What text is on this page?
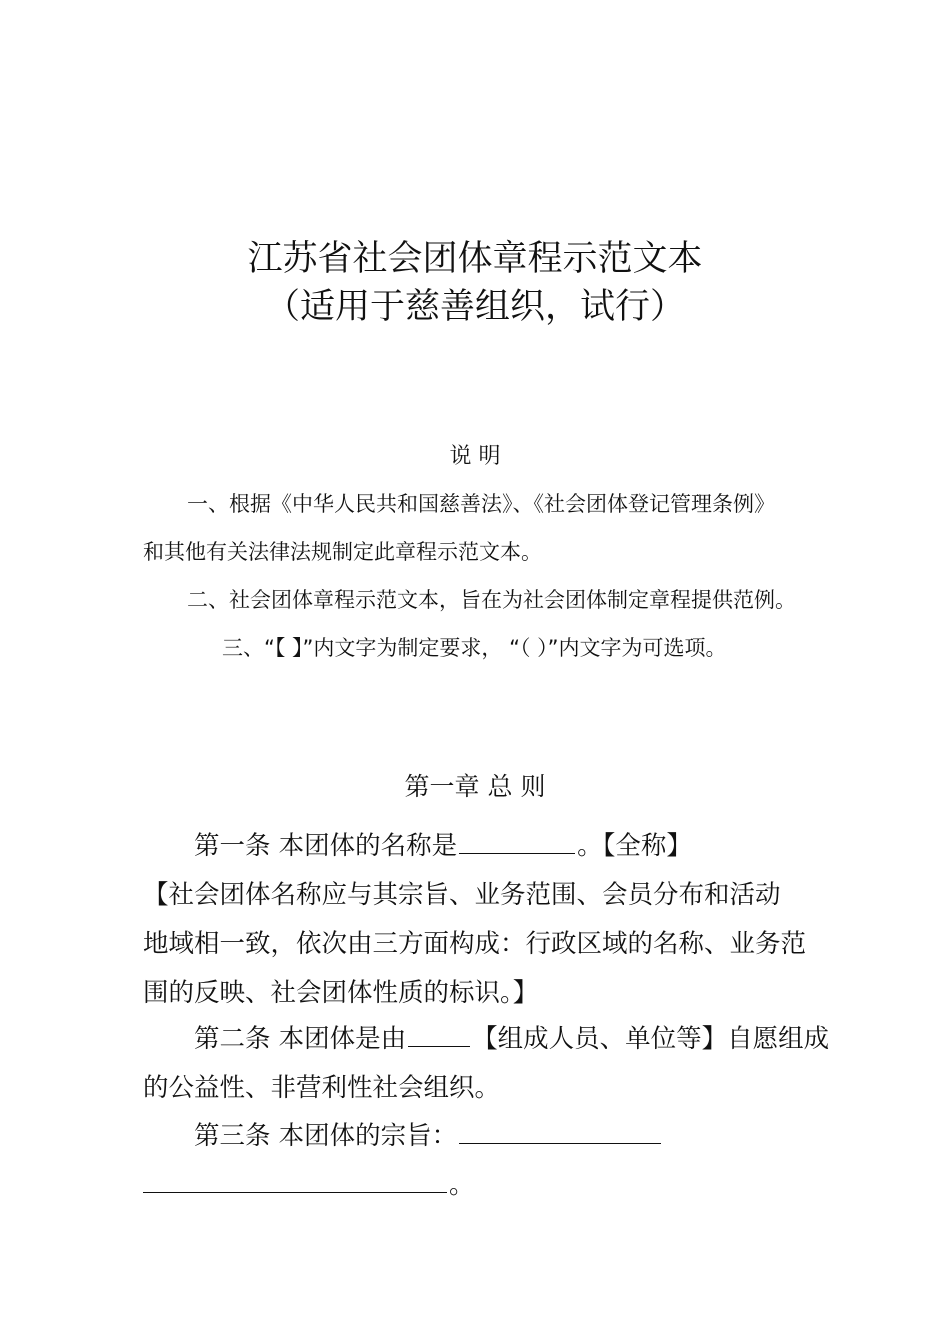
江苏省社会团体章程示范文本
（适用于慈善组织，试行）
说 明
一、根据《中华人民共和国慈善法》、《社会团体登记管理条例》
和其他有关法律法规制定此章程示范文本。
二、社会团体章程示范文本，旨在为社会团体制定章程提供范例。
三、“【 】”内文字为制定要求， “（ ）”内文字为可选项。
第一章 总 则
第一条 本团体的名称是	。【全称】
【社会团体名称应与其宗旨、业务范围、会员分布和活动
地域相一致，依次由三方面构成：行政区域的名称、业务范
围的反映、社会团体性质的标识。】
第二条 本团体是由	【组成人员、单位等】自愿组成
的公益性、非营利性社会组织。
第三条 本团体的宗旨：
。
